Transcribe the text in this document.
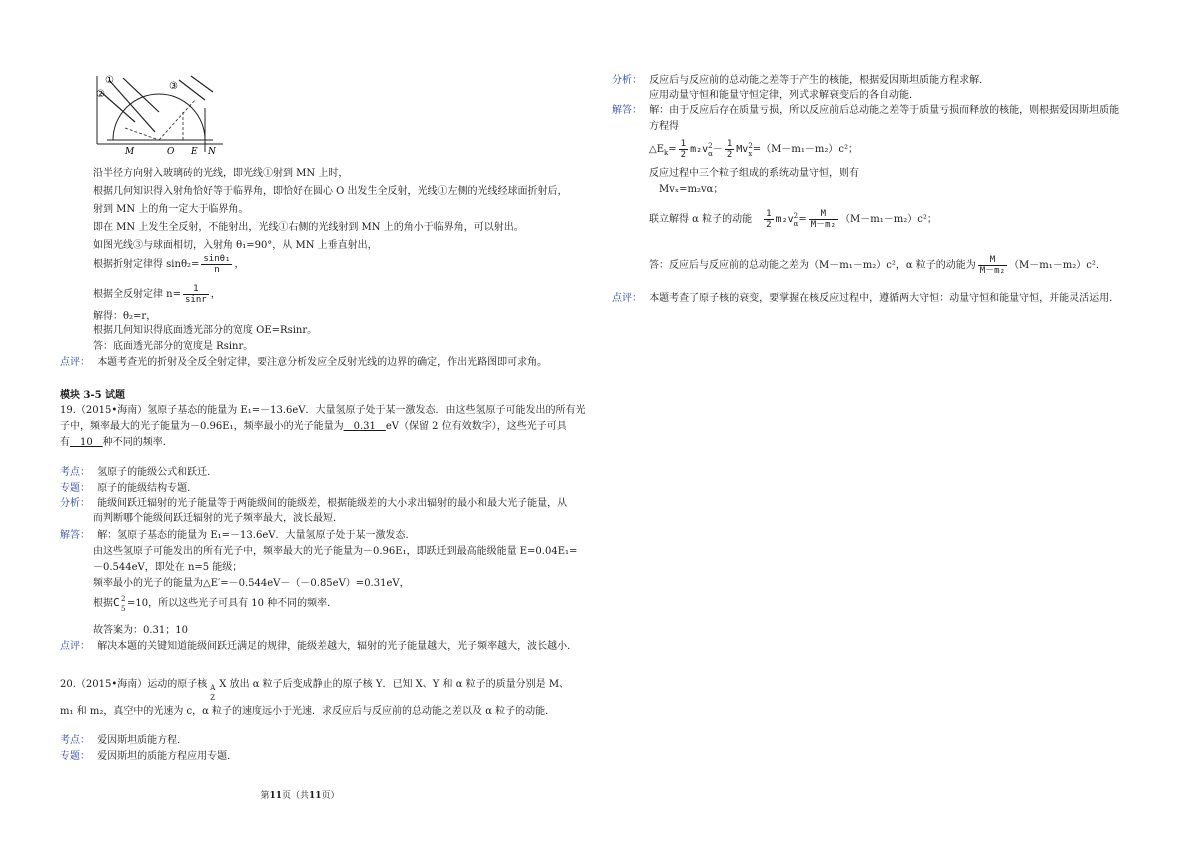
①
②
③
M	O E N
沿半径方向射入玻璃砖的光线，即光线①射到 MN 上时，
根据几何知识得入射角恰好等于临界角，即恰好在圆心 O 出发生全反射，光线①左侧的光线经球面折射后，
射到 MN 上的角一定大于临界角。
即在 MN 上发生全反射，不能射出，光线①右侧的光线射到 MN 上的角小于临界角，可以射出。
如图光线③与球面相切，入射角 θ₁=90°，从 MN 上垂直射出，
根据折射定律得 $\sin\theta_2= \frac{\text{sinθ₁}}{n}$ ，
根据全反射定律 $n= \frac{1}{\sin r}$ ，
解得：θ₂=r，
根据几何知识得底面透光部分的宽度 OE=Rsinr。
答：底面透光部分的宽度是 Rsinr。
点评： 本题考查光的折射及全反全射定律，要注意分析发应全反射光线的边界的确定，作出光路图即可求角。
模块 3-5 试题
19.（2015•海南）氢原子基态的能量为 E₁=－13.6eV．大量氢原子处于某一激发态．由这些氢原子可能发出的所有光
子中，频率最大的光子能量为－0.96E₁，频率最小的光子能量为　0.31　eV（保留 2 位有效数字），这些光子可具
有　10　种不同的频率．
考点： 氢原子的能级公式和跃迁．
专题： 原子的能级结构专题．
分析： 能级间跃迁辐射的光子能量等于两能级间的能级差，根据能级差的大小求出辐射的最小和最大光子能量，从
而判断哪个能级间跃迁辐射的光子频率最大，波长最短．
解答： 解：氢原子基态的能量为 E₁=－13.6eV．大量氢原子处于某一激发态．
由这些氢原子可能发出的所有光子中，频率最大的光子能量为－0.96E₁，即跃迁到最高能级能量 E=0.04E₁=
－0.544eV，即处在 n=5 能级；
频率最小的光子的能量为△E′=－0.544eV－（－0.85eV）=0.31eV，
根据C 2
5 =10，所以这些光子可具有 10 种不同的频率．
故答案为：0.31；10
点评： 解决本题的关键知道能级间跃迁满足的规律，能级差越大，辐射的光子能量越大，光子频率越大，波长越小．
20.（2015•海南）运动的原子核 A
Z
X 放出 α 粒子后变成静止的原子核 Y．已知 X、Y 和 α 粒子的质量分别是 M、
m₁ 和 m₂，真空中的光速为 c，α 粒子的速度远小于光速．求反应后与反应前的总动能之差以及 α 粒子的动能．
考点： 爱因斯坦质能方程．
专题： 爱因斯坦的质能方程应用专题．
分析： 反应后与反应前的总动能之差等于产生的核能，根据爱因斯坦质能方程求解．
应用动量守恒和能量守恒定律，列式求解衰变后的各自动能．
解答： 解：由于反应后存在质量亏损，所以反应前后总动能之差等于质量亏损而释放的核能，则根据爱因斯坦质能
方程得
$\triangle E_k= \frac{1}{2} m_2v$ 2
$\alpha - \frac{1}{2}$ Mv 2
x =（M－m₁－m₂）c²；
反应过程中三个粒子组成的系统动量守恒，则有
Mvₓ=m₂vα；
联立解得 α 粒子的动能 $\frac{1}{2} m_2v$ 2
$\alpha = \frac{M}{\text{M－m₂}} (M-m_1-m_2)c^2$；
答：反应后与反应前的总动能之差为（M－m₁－m₂）c²，α 粒子的动能为 $\frac{M}{\text{M－m₂}} (M-m_1-m_2)c^2$．
点评： 本题考查了原子核的衰变，要掌握在核反应过程中，遵循两大守恒：动量守恒和能量守恒，并能灵活运用．
第11页（共11页）
